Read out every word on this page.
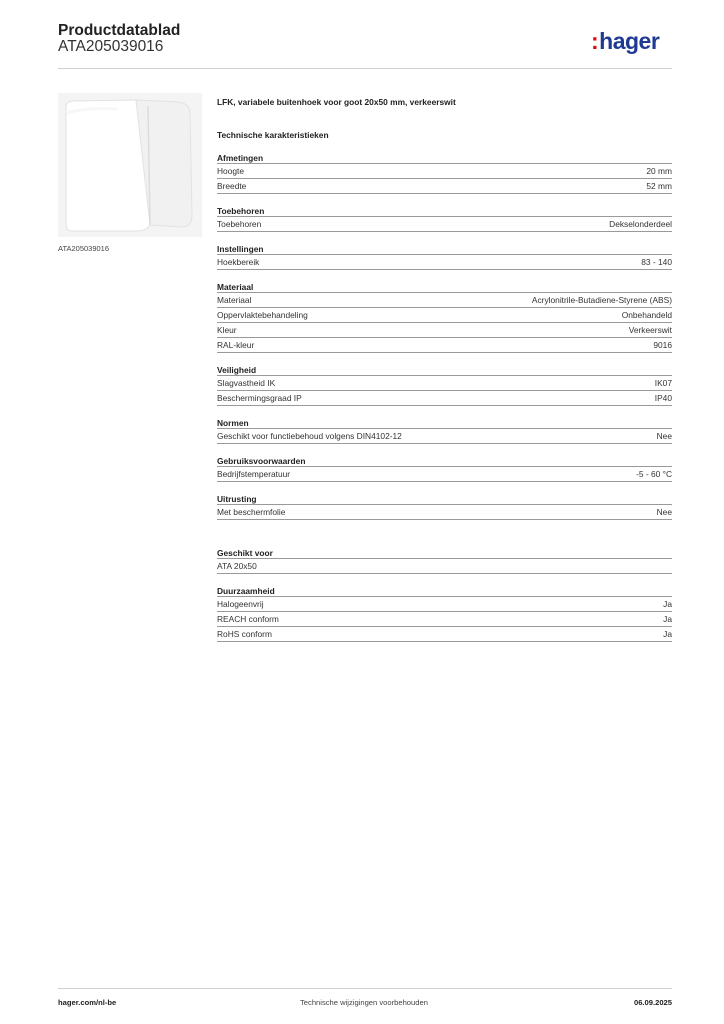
Productdatablad
ATA205039016	:hager
ATA205039016
LFK, variabele buitenhoek voor goot 20x50 mm, verkeerswit
Technische karakteristieken
Afmetingen
Hoogte	20 mm
Breedte	52 mm
Toebehoren
Toebehoren	Dekselonderdeel
Instellingen
Hoekbereik	83 - 140
Materiaal
Materiaal	Acrylonitrile-Butadiene-Styrene (ABS)
Oppervlaktebehandeling	Onbehandeld
Kleur	Verkeerswit
RAL-kleur	9016
Veiligheid
Slagvastheid IK	IK07
Beschermingsgraad IP	IP40
Normen
Geschikt voor functiebehoud volgens DIN4102-12	Nee
Gebruiksvoorwaarden
Bedrijfstemperatuur	-5 - 60 °C
Uitrusting
Met beschermfolie	Nee
Geschikt voor
ATA 20x50
Duurzaamheid
Halogeenvrij	Ja
REACH conform	Ja
RoHS conform	Ja
hager.com/nl-be	Technische wijzigingen voorbehouden	06.09.2025
